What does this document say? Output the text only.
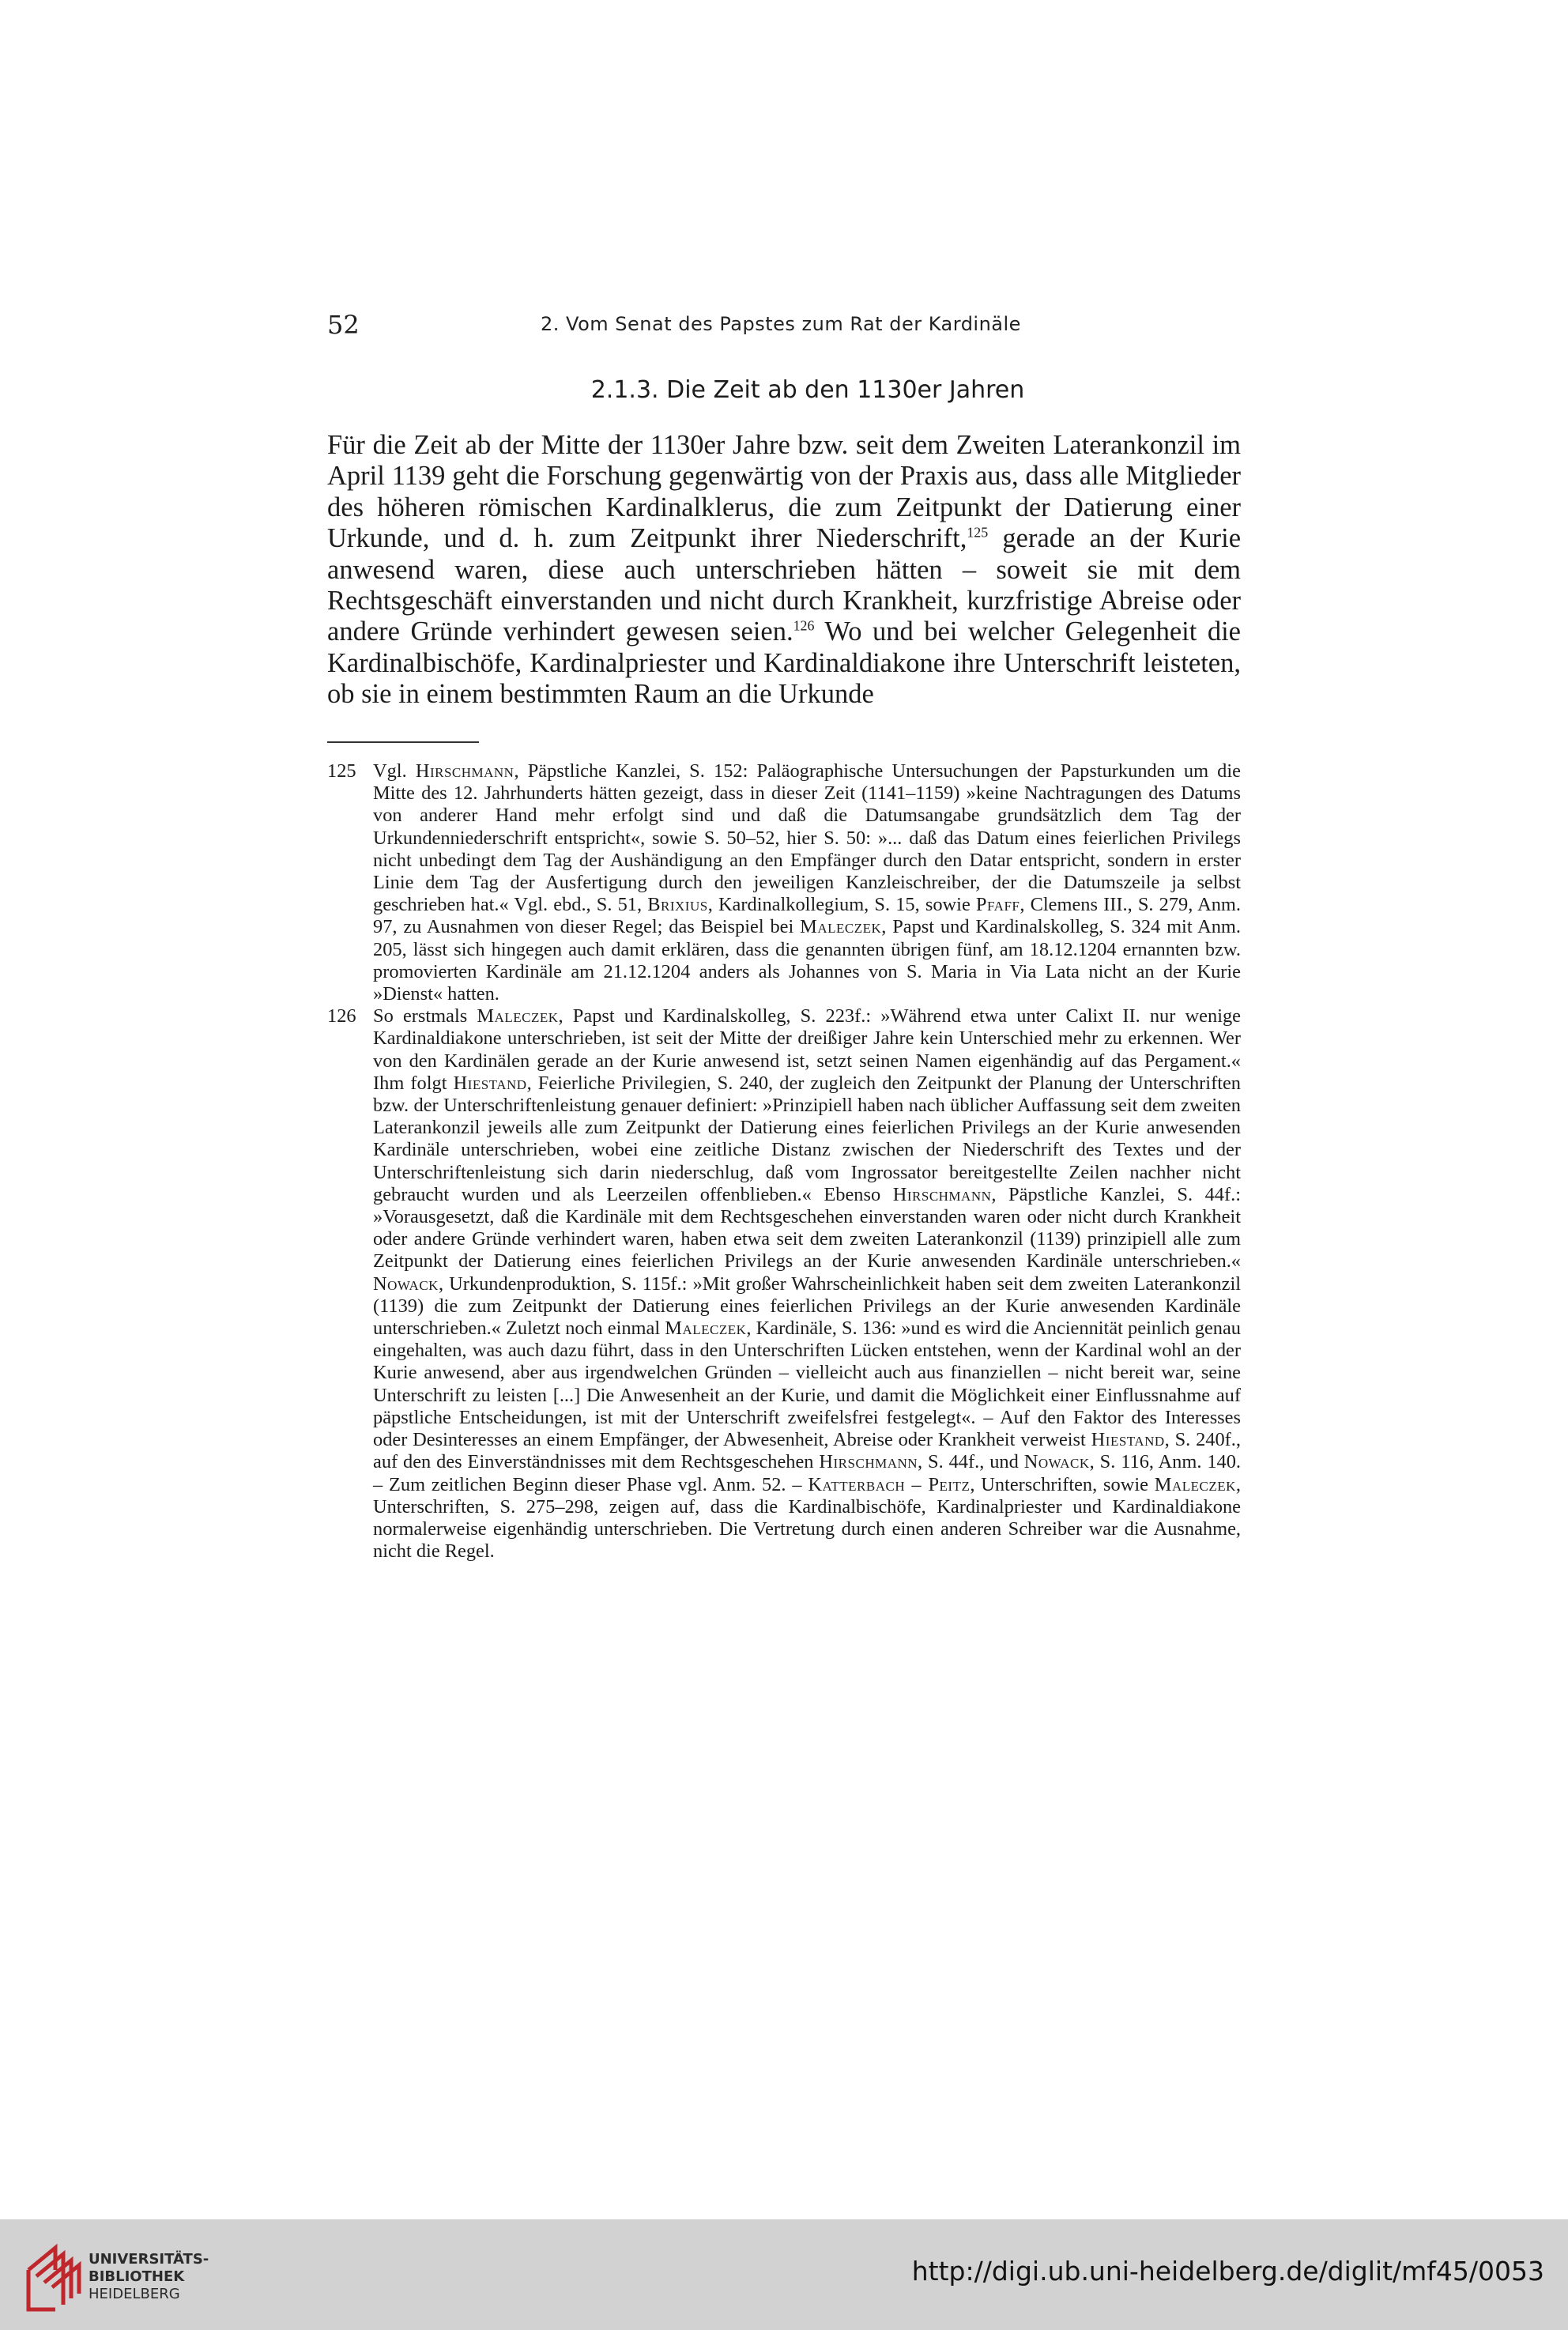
52	2. Vom Senat des Papstes zum Rat der Kardinäle
2.1.3. Die Zeit ab den 1130er Jahren

Für die Zeit ab der Mitte der 1130er Jahre bzw. seit dem Zweiten Laterankonzil im April 1139 geht die Forschung gegenwärtig von der Praxis aus, dass alle Mitglieder des höheren römischen Kardinalklerus, die zum Zeitpunkt der Datierung einer Urkunde, und d. h. zum Zeitpunkt ihrer Niederschrift,$^{125}$ gerade an der Kurie anwesend waren, diese auch unterschrieben hätten – soweit sie mit dem Rechtsgeschäft einverstanden und nicht durch Krankheit, kurzfristige Abreise oder andere Gründe verhindert gewesen seien.$^{126}$ Wo und bei welcher Gelegenheit die Kardinalbischöfe, Kardinalpriester und Kardinaldiakone ihre Unterschrift leisteten, ob sie in einem bestimmten Raum an die Urkunde

125 Vgl. Hirschmann, Päpstliche Kanzlei, S. 152: Paläographische Untersuchungen der Papsturkunden um die Mitte des 12. Jahrhunderts hätten gezeigt, dass in dieser Zeit (1141–1159) »keine Nachtragungen des Datums von anderer Hand mehr erfolgt sind und daß die Datumsangabe grundsätzlich dem Tag der Urkundenniederschrift entspricht«, sowie S. 50–52, hier S. 50: »... daß das Datum eines feierlichen Privilegs nicht unbedingt dem Tag der Aushändigung an den Empfänger durch den Datar entspricht, sondern in erster Linie dem Tag der Ausfertigung durch den jeweiligen Kanzleischreiber, der die Datumszeile ja selbst geschrieben hat.« Vgl. ebd., S. 51, Brixius, Kardinalkollegium, S. 15, sowie Pfaff, Clemens III., S. 279, Anm. 97, zu Ausnahmen von dieser Regel; das Beispiel bei Maleczek, Papst und Kardinalskolleg, S. 324 mit Anm. 205, lässt sich hingegen auch damit erklären, dass die genannten übrigen fünf, am 18.12.1204 ernannten bzw. promovierten Kardinäle am 21.12.1204 anders als Johannes von S. Maria in Via Lata nicht an der Kurie »Dienst« hatten.

126 So erstmals Maleczek, Papst und Kardinalskolleg, S. 223f.: »Während etwa unter Calixt II. nur wenige Kardinaldiakone unterschrieben, ist seit der Mitte der dreißiger Jahre kein Unterschied mehr zu erkennen. Wer von den Kardinälen gerade an der Kurie anwesend ist, setzt seinen Namen eigenhändig auf das Pergament.« Ihm folgt Hiestand, Feierliche Privilegien, S. 240, der zugleich den Zeitpunkt der Planung der Unterschriften bzw. der Unterschriftenleistung genauer definiert: »Prinzipiell haben nach üblicher Auffassung seit dem zweiten Laterankonzil jeweils alle zum Zeitpunkt der Datierung eines feierlichen Privilegs an der Kurie anwesenden Kardinäle unterschrieben, wobei eine zeitliche Distanz zwischen der Niederschrift des Textes und der Unterschriftenleistung sich darin niederschlug, daß vom Ingrossator bereitgestellte Zeilen nachher nicht gebraucht wurden und als Leerzeilen offenblieben.« Ebenso Hirschmann, Päpstliche Kanzlei, S. 44f.: »Vorausgesetzt, daß die Kardinäle mit dem Rechtsgeschehen einverstanden waren oder nicht durch Krankheit oder andere Gründe verhindert waren, haben etwa seit dem zweiten Laterankonzil (1139) prinzipiell alle zum Zeitpunkt der Datierung eines feierlichen Privilegs an der Kurie anwesenden Kardinäle unterschrieben.« Nowack, Urkundenproduktion, S. 115f.: »Mit großer Wahrscheinlichkeit haben seit dem zweiten Laterankonzil (1139) die zum Zeitpunkt der Datierung eines feierlichen Privilegs an der Kurie anwesenden Kardinäle unterschrieben.« Zuletzt noch einmal Maleczek, Kardinäle, S. 136: »und es wird die Anciennität peinlich genau eingehalten, was auch dazu führt, dass in den Unterschriften Lücken entstehen, wenn der Kardinal wohl an der Kurie anwesend, aber aus irgendwelchen Gründen – vielleicht auch aus finanziellen – nicht bereit war, seine Unterschrift zu leisten [...] Die Anwesenheit an der Kurie, und damit die Möglichkeit einer Einflussnahme auf päpstliche Entscheidungen, ist mit der Unterschrift zweifelsfrei festgelegt«. – Auf den Faktor des Interesses oder Desinteresses an einem Empfänger, der Abwesenheit, Abreise oder Krankheit verweist Hiestand, S. 240f., auf den des Einverständnisses mit dem Rechtsgeschehen Hirschmann, S. 44f., und Nowack, S. 116, Anm. 140. – Zum zeitlichen Beginn dieser Phase vgl. Anm. 52. – Katterbach – Peitz, Unterschriften, sowie Maleczek, Unterschriften, S. 275–298, zeigen auf, dass die Kardinalbischöfe, Kardinalpriester und Kardinaldiakone normalerweise eigenhändig unterschrieben. Die Vertretung durch einen anderen Schreiber war die Ausnahme, nicht die Regel.

UNIVERSITÄTS-
BIBLIOTHEK
HEIDELBERG
http://digi.ub.uni-heidelberg.de/diglit/mf45/0053
